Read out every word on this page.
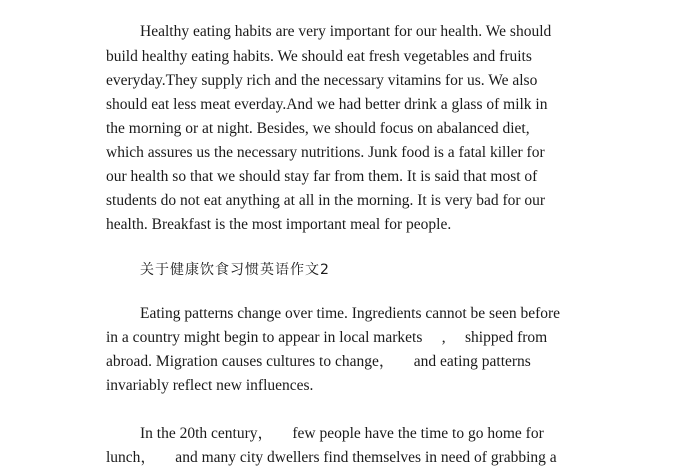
Healthy eating habits are very important for our health. We should
build healthy eating habits. We should eat fresh vegetables and fruits
everyday.They supply rich and the necessary vitamins for us. We also
should eat less meat everday.And we had better drink a glass of milk in
the morning or at night. Besides, we should focus on abalanced diet,
which assures us the necessary nutritions. Junk food is a fatal killer for
our health so that we should stay far from them. It is said that most of
students do not eat anything at all in the morning. It is very bad for our
health. Breakfast is the most important meal for people.
关于健康饮食习惯英语作文2
Eating patterns change over time. Ingredients cannot be seen before
in a country might begin to appear in local markets 　, 　shipped from
abroad. Migration causes cultures to change， 　and eating patterns
invariably reflect new influences.
In the 20th century， 　few people have the time to go home for
lunch， 　and many city dwellers find themselves in need of grabbing a
